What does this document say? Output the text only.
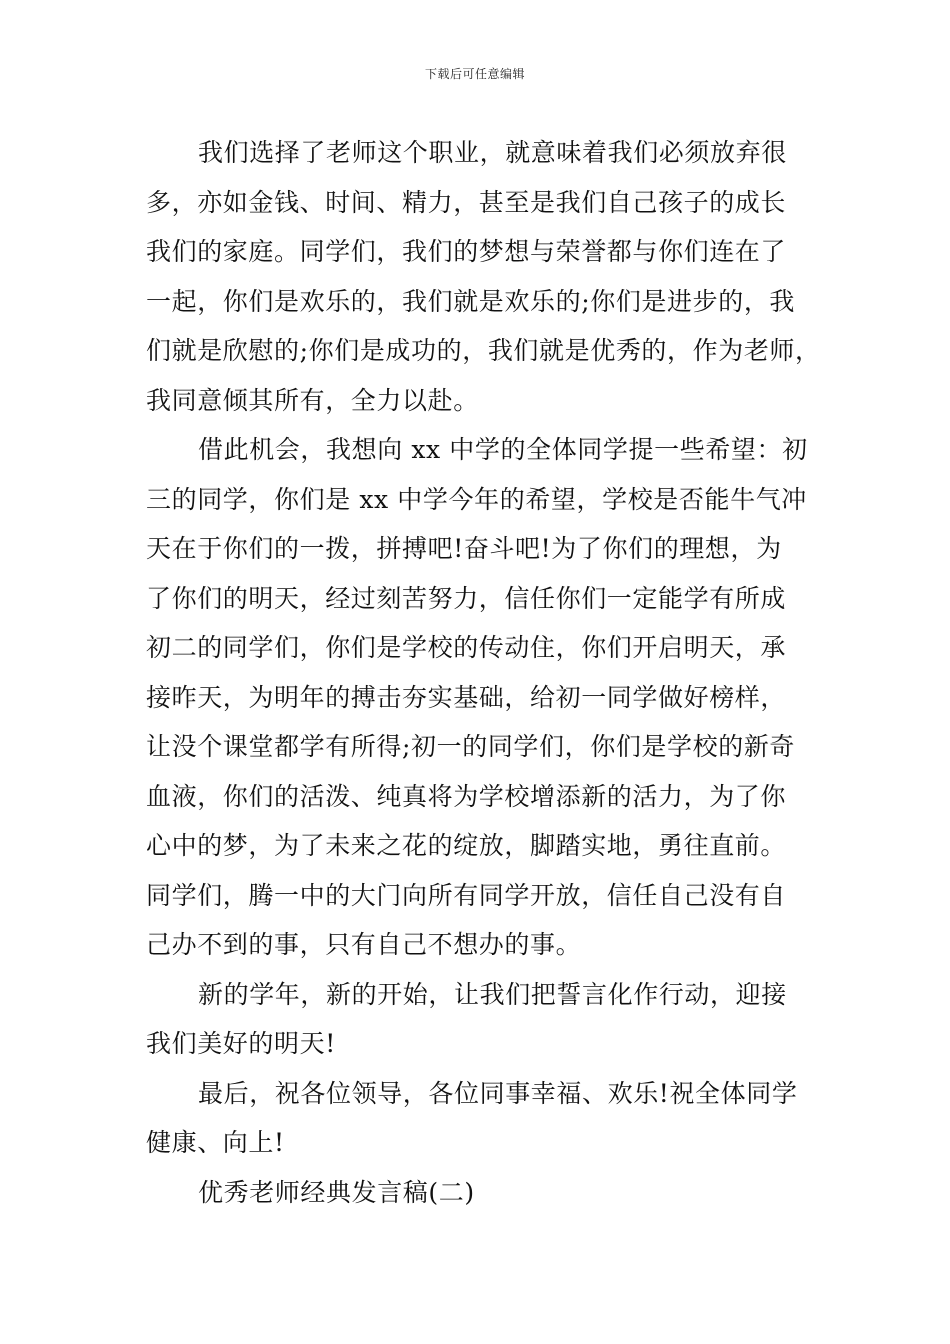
下载后可任意编辑
我们选择了老师这个职业，就意味着我们必须放弃很
多，亦如金钱、时间、精力，甚至是我们自己孩子的成长
我们的家庭。同学们，我们的梦想与荣誉都与你们连在了
一起，你们是欢乐的，我们就是欢乐的;你们是进步的，我
们就是欣慰的;你们是成功的，我们就是优秀的，作为老师，
我同意倾其所有，全力以赴。
借此机会，我想向 xx 中学的全体同学提一些希望：初
三的同学，你们是 xx 中学今年的希望，学校是否能牛气冲
天在于你们的一拨，拼搏吧!奋斗吧!为了你们的理想，为
了你们的明天，经过刻苦努力，信任你们一定能学有所成
初二的同学们，你们是学校的传动住，你们开启明天，承
接昨天，为明年的搏击夯实基础，给初一同学做好榜样，
让没个课堂都学有所得;初一的同学们，你们是学校的新奇
血液，你们的活泼、纯真将为学校增添新的活力，为了你
心中的梦，为了未来之花的绽放，脚踏实地，勇往直前。
同学们，腾一中的大门向所有同学开放，信任自己没有自
己办不到的事，只有自己不想办的事。
新的学年，新的开始，让我们把誓言化作行动，迎接
我们美好的明天!
最后，祝各位领导，各位同事幸福、欢乐!祝全体同学
健康、向上!
优秀老师经典发言稿(二)
